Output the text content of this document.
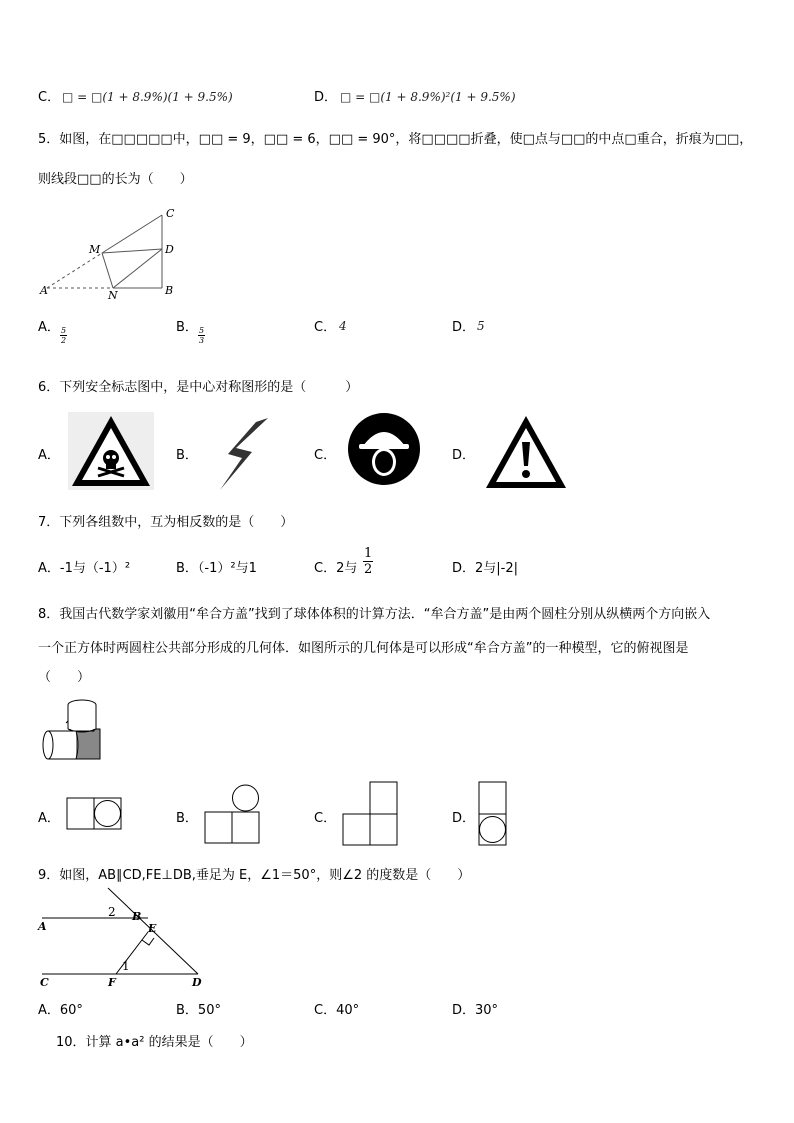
C． □ = □(1 + 8.9%)(1 + 9.5%)	D． □ = □(1 + 8.9%)²(1 + 9.5%)
5．如图，在□□□□□中，□□ = 9，□□ = 6，□□ = 90°，将□□□□折叠，使□点与□□的中点□重合，折痕为□□，
则线段□□的长为（　　）
C
M	D
A	N	B
A． $\frac{5}{2}$	B． $\frac{5}{3}$	C． 4	D． 5
6．下列安全标志图中，是中心对称图形的是（　　　）
A．	B．	C．	D．
7．下列各组数中，互为相反数的是（　　）
A．-1与（-1）²	B．（-1）²与1	C．2与 $\frac{1}{2}$	D．2与|-2|
8．我国古代数学家刘徽用“牟合方盖”找到了球体体积的计算方法．“牟合方盖”是由两个圆柱分别从纵横两个方向嵌入
一个正方体时两圆柱公共部分形成的几何体．如图所示的几何体是可以形成“牟合方盖”的一种模型，它的俯视图是
（　　）
A．	B．	C．	D．
9．如图，AB∥CD,FE⊥DB,垂足为 E，∠1＝50°，则∠2 的度数是（　　）
2 B
A	E
1
C	F	D
A．60°	B．50°	C．40°	D．30°
10．计算 a•a² 的结果是（　　）
